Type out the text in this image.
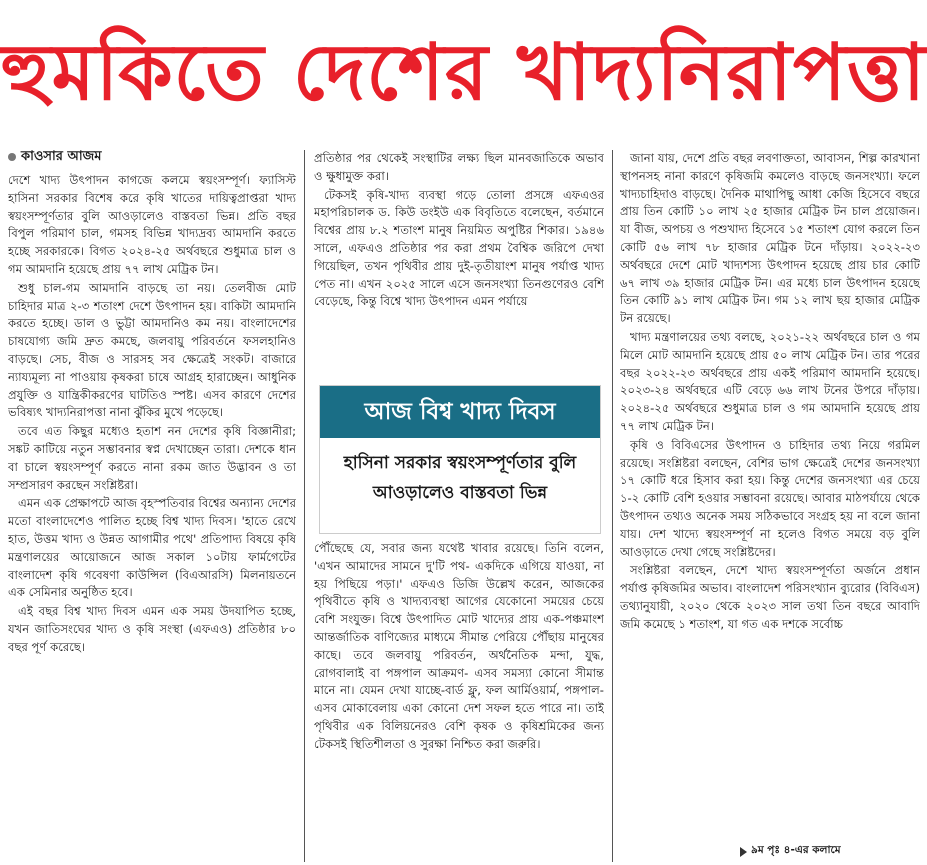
হুমকিতে দেশের খাদ্যনিরাপত্তা
কাওসার আজম

দেশে খাদ্য উৎপাদন কাগজে কলমে স্বয়ংসম্পূর্ণ। ফ্যাসিস্ট হাসিনা সরকার বিশেষ করে কৃষি খাতের দায়িত্বপ্রাপ্তরা খাদ্য স্বয়ংসম্পূর্ণতার বুলি আওড়ালেও বাস্তবতা ভিন্ন। প্রতি বছর বিপুল পরিমাণ চাল, গমসহ বিভিন্ন খাদ্যদ্রব্য আমদানি করতে হচ্ছে সরকারকে। বিগত ২০২৪-২৫ অর্থবছরে শুধুমাত্র চাল ও গম আমদানি হয়েছে প্রায় ৭৭ লাখ মেট্রিক টন।

শুধু চাল-গম আমদানি বাড়ছে তা নয়। তেলবীজ মোট চাহিদার মাত্র ২-৩ শতাংশ দেশে উৎপাদন হয়। বাকিটা আমদানি করতে হচ্ছে। ডাল ও ভুট্টা আমদানিও কম নয়। বাংলাদেশের চাষযোগ্য জমি দ্রুত কমছে, জলবায়ু পরিবর্তনে ফসলহানিও বাড়ছে। সেচ, বীজ ও সারসহ সব ক্ষেত্রেই সংকট। বাজারে ন্যায্যমূল্য না পাওয়ায় কৃষকরা চাষে আগ্রহ হারাচ্ছেন। আধুনিক প্রযুক্তি ও যান্ত্রিকীকরণের ঘাটতিও স্পষ্ট। এসব কারণে দেশের ভবিষ্যৎ খাদ্যনিরাপত্তা নানা ঝুঁকির মুখে পড়েছে।

তবে এত কিছুর মধ্যেও হতাশ নন দেশের কৃষি বিজ্ঞানীরা; সঙ্কট কাটিয়ে নতুন সম্ভাবনার স্বপ্ন দেখাচ্ছেন তারা। দেশকে ধান বা চালে স্বয়ংসম্পূর্ণ করতে নানা রকম জাত উদ্ভাবন ও তা সম্প্রসারণ করছেন সংশ্লিষ্টরা।

এমন এক প্রেক্ষাপটে আজ বৃহস্পতিবার বিশ্বের অন্যান্য দেশের মতো বাংলাদেশেও পালিত হচ্ছে বিশ্ব খাদ্য দিবস। 'হাতে রেখে হাত, উত্তম খাদ্য ও উন্নত আগামীর পথে' প্রতিপাদ্য বিষয়ে কৃষি মন্ত্রণালয়ের আয়োজনে আজ সকাল ১০টায় ফার্মগেটের বাংলাদেশ কৃষি গবেষণা কাউন্সিল (বিএআরসি) মিলনায়তনে এক সেমিনার অনুষ্ঠিত হবে।

এই বছর বিশ্ব খাদ্য দিবস এমন এক সময় উদযাপিত হচ্ছে, যখন জাতিসংঘের খাদ্য ও কৃষি সংস্থা (এফএও) প্রতিষ্ঠার ৮০ বছর পূর্ণ করেছে।

প্রতিষ্ঠার পর থেকেই সংস্থাটির লক্ষ্য ছিল মানবজাতিকে অভাব ও ক্ষুধামুক্ত করা।

টেকসই কৃষি-খাদ্য ব্যবস্থা গড়ে তোলা প্রসঙ্গে এফএওর মহাপরিচালক ড. কিউ ডংইউ এক বিবৃতিতে বলেছেন, বর্তমানে বিশ্বের প্রায় ৮.২ শতাংশ মানুষ নিয়মিত অপুষ্টির শিকার। ১৯৪৬ সালে, এফএও প্রতিষ্ঠার পর করা প্রথম বৈশ্বিক জরিপে দেখা গিয়েছিল, তখন পৃথিবীর প্রায় দুই-তৃতীয়াংশ মানুষ পর্যাপ্ত খাদ্য পেত না। এখন ২০২৫ সালে এসে জনসংখ্যা তিনগুণেরও বেশি বেড়েছে, কিন্তু বিশ্বে খাদ্য উৎপাদন এমন পর্যায়ে

আজ বিশ্ব খাদ্য দিবস
হাসিনা সরকার স্বয়ংসম্পূর্ণতার বুলি আওড়ালেও বাস্তবতা ভিন্ন

পৌঁছেছে যে, সবার জন্য যথেষ্ট খাবার রয়েছে। তিনি বলেন, 'এখন আমাদের সামনে দু'টি পথ- একদিকে এগিয়ে যাওয়া, না হয় পিছিয়ে পড়া।' এফএও ডিজি উল্লেখ করেন, আজকের পৃথিবীতে কৃষি ও খাদ্যব্যবস্থা আগের যেকোনো সময়ের চেয়ে বেশি সংযুক্ত। বিশ্বে উৎপাদিত মোট খাদ্যের প্রায় এক-পঞ্চমাংশ আন্তর্জাতিক বাণিজ্যের মাধ্যমে সীমান্ত পেরিয়ে পৌঁছায় মানুষের কাছে। তবে জলবায়ু পরিবর্তন, অর্থনৈতিক মন্দা, যুদ্ধ, রোগবালাই বা পঙ্গপাল আক্রমণ- এসব সমস্যা কোনো সীমান্ত মানে না। যেমন দেখা যাচ্ছে-বার্ড ফ্লু, ফল আর্মিওয়ার্ম, পঙ্গপাল-এসব মোকাবেলায় একা কোনো দেশ সফল হতে পারে না। তাই পৃথিবীর এক বিলিয়নেরও বেশি কৃষক ও কৃষিশ্রমিকের জন্য টেকসই স্থিতিশীলতা ও সুরক্ষা নিশ্চিত করা জরুরি।

জানা যায়, দেশে প্রতি বছর লবণাক্ততা, আবাসন, শিল্প কারখানা স্থাপনসহ নানা কারণে কৃষিজমি কমলেও বাড়ছে জনসংখ্যা। ফলে খাদ্যচাহিদাও বাড়ছে। দৈনিক মাথাপিছু আধা কেজি হিসেবে বছরে প্রায় তিন কোটি ১০ লাখ ২৫ হাজার মেট্রিক টন চাল প্রয়োজন। যা বীজ, অপচয় ও পশুখাদ্য হিসেবে ১৫ শতাংশ যোগ করলে তিন কোটি ৫৬ লাখ ৭৮ হাজার মেট্রিক টনে দাঁড়ায়। ২০২২-২৩ অর্থবছরে দেশে মোট খাদ্যশস্য উৎপাদন হয়েছে প্রায় চার কোটি ৬৭ লাখ ৩৯ হাজার মেট্রিক টন। এর মধ্যে চাল উৎপাদন হয়েছে তিন কোটি ৯১ লাখ মেট্রিক টন। গম ১২ লাখ ছয় হাজার মেট্রিক টন রয়েছে।

খাদ্য মন্ত্রণালয়ের তথ্য বলছে, ২০২১-২২ অর্থবছরে চাল ও গম মিলে মোট আমদানি হয়েছে প্রায় ৫০ লাখ মেট্রিক টন। তার পরের বছর ২০২২-২৩ অর্থবছরে প্রায় একই পরিমাণ আমদানি হয়েছে। ২০২৩-২৪ অর্থবছরে এটি বেড়ে ৬৬ লাখ টনের উপরে দাঁড়ায়। ২০২৪-২৫ অর্থবছরে শুধুমাত্র চাল ও গম আমদানি হয়েছে প্রায় ৭৭ লাখ মেট্রিক টন।

কৃষি ও বিবিএসের উৎপাদন ও চাহিদার তথ্য নিয়ে গরমিল রয়েছে। সংশ্লিষ্টরা বলছেন, বেশির ভাগ ক্ষেত্রেই দেশের জনসংখ্যা ১৭ কোটি ধরে হিসাব করা হয়। কিন্তু দেশের জনসংখ্যা এর চেয়ে ১-২ কোটি বেশি হওয়ার সম্ভাবনা রয়েছে। আবার মাঠপর্যায়ে থেকে উৎপাদন তথ্যও অনেক সময় সঠিকভাবে সংগ্রহ হয় না বলে জানা যায়। দেশ খাদ্যে স্বয়ংসম্পূর্ণ না হলেও বিগত সময়ে বড় বুলি আওড়াতে দেখা গেছে সংশ্লিষ্টদের।

সংশ্লিষ্টরা বলছেন, দেশে খাদ্য স্বয়ংসম্পূর্ণতা অর্জনে প্রধান পর্যাপ্ত কৃষিজমির অভাব। বাংলাদেশ পরিসংখ্যান ব্যুরোর (বিবিএস) তথ্যানুযায়ী, ২০২০ থেকে ২০২৩ সাল তথা তিন বছরে আবাদি জমি কমেছে ১ শতাংশ, যা গত এক দশকে সর্বোচ্চ

৯ম পৃঃ ৪-এর কলামে
